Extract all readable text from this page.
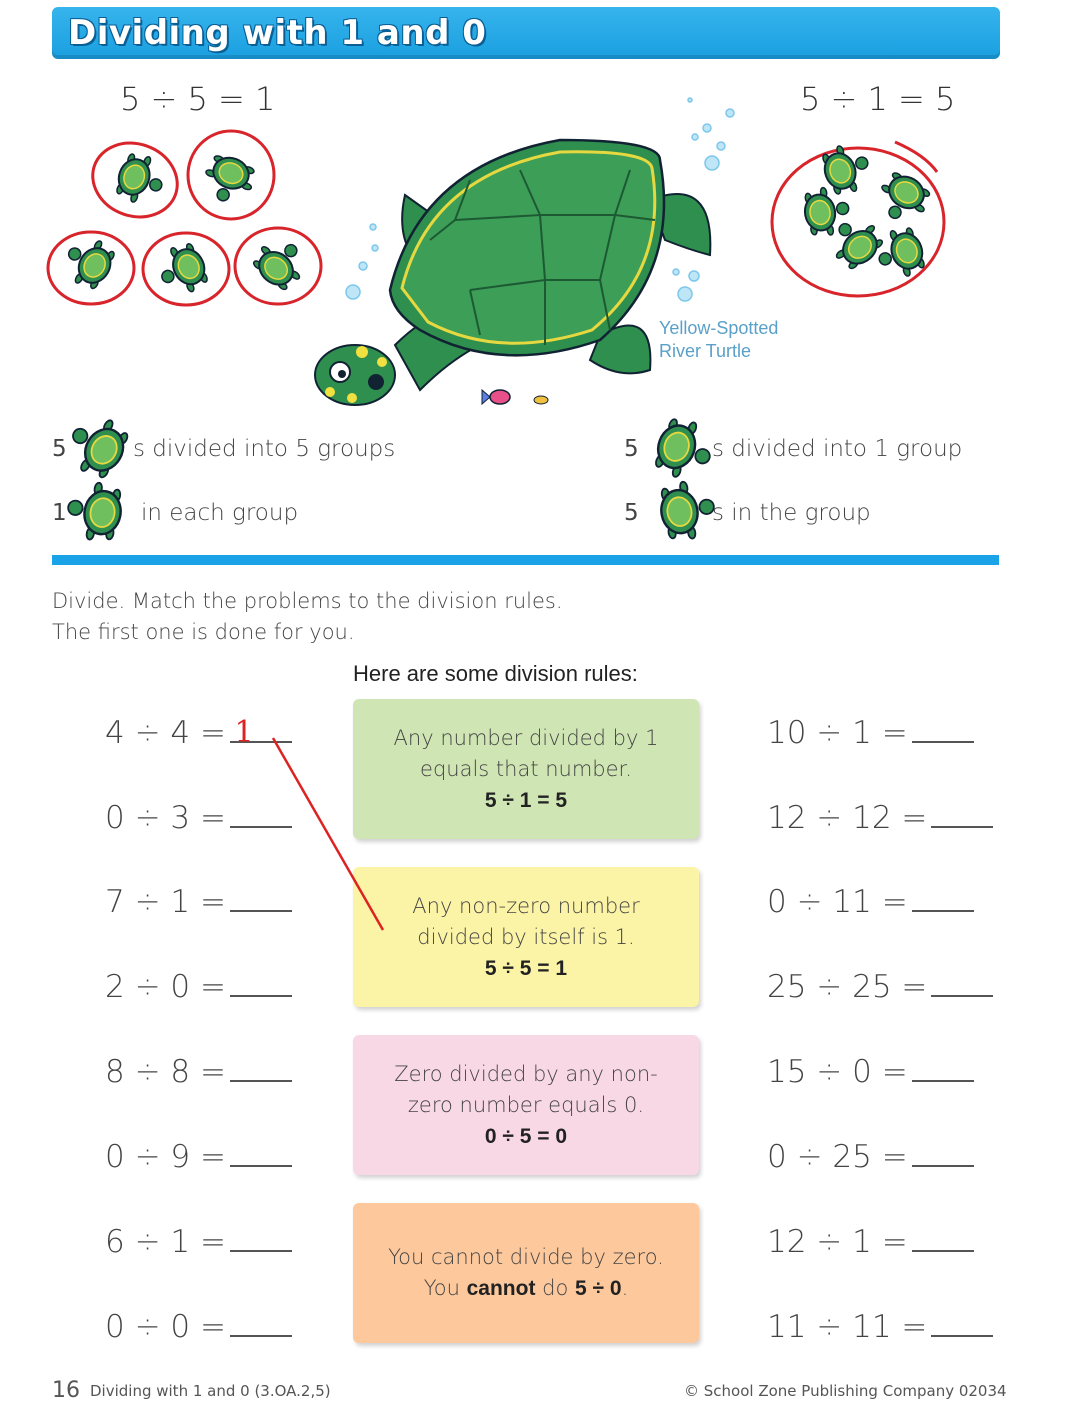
Dividing with 1 and 0
5 ÷ 5 = 1	5 ÷ 1 = 5
Yellow-Spotted
River Turtle
5	s divided into 5 groups
1	in each group
5	s divided into 1 group
5	s in the group
Divide. Match the problems to the division rules.
The first one is done for you.
Here are some division rules:
Any number divided by 1
equals that number.
5 ÷ 1 = 5
Any non-zero number
divided by itself is 1.
5 ÷ 5 = 1
Zero divided by any non-
zero number equals 0.
0 ÷ 5 = 0
You cannot divide by zero.
You cannot do 5 ÷ 0.
4 ÷ 4 =
0 ÷ 3 =
7 ÷ 1 =
2 ÷ 0 =
8 ÷ 8 =
0 ÷ 9 =
6 ÷ 1 =
0 ÷ 0 =
1	10 ÷ 1 =
12 ÷ 12 =
0 ÷ 11 =
25 ÷ 25 =
15 ÷ 0 =
0 ÷ 25 =
12 ÷ 1 =
11 ÷ 11 =
16 Dividing with 1 and 0 (3.OA.2,5)	© School Zone Publishing Company 02034
